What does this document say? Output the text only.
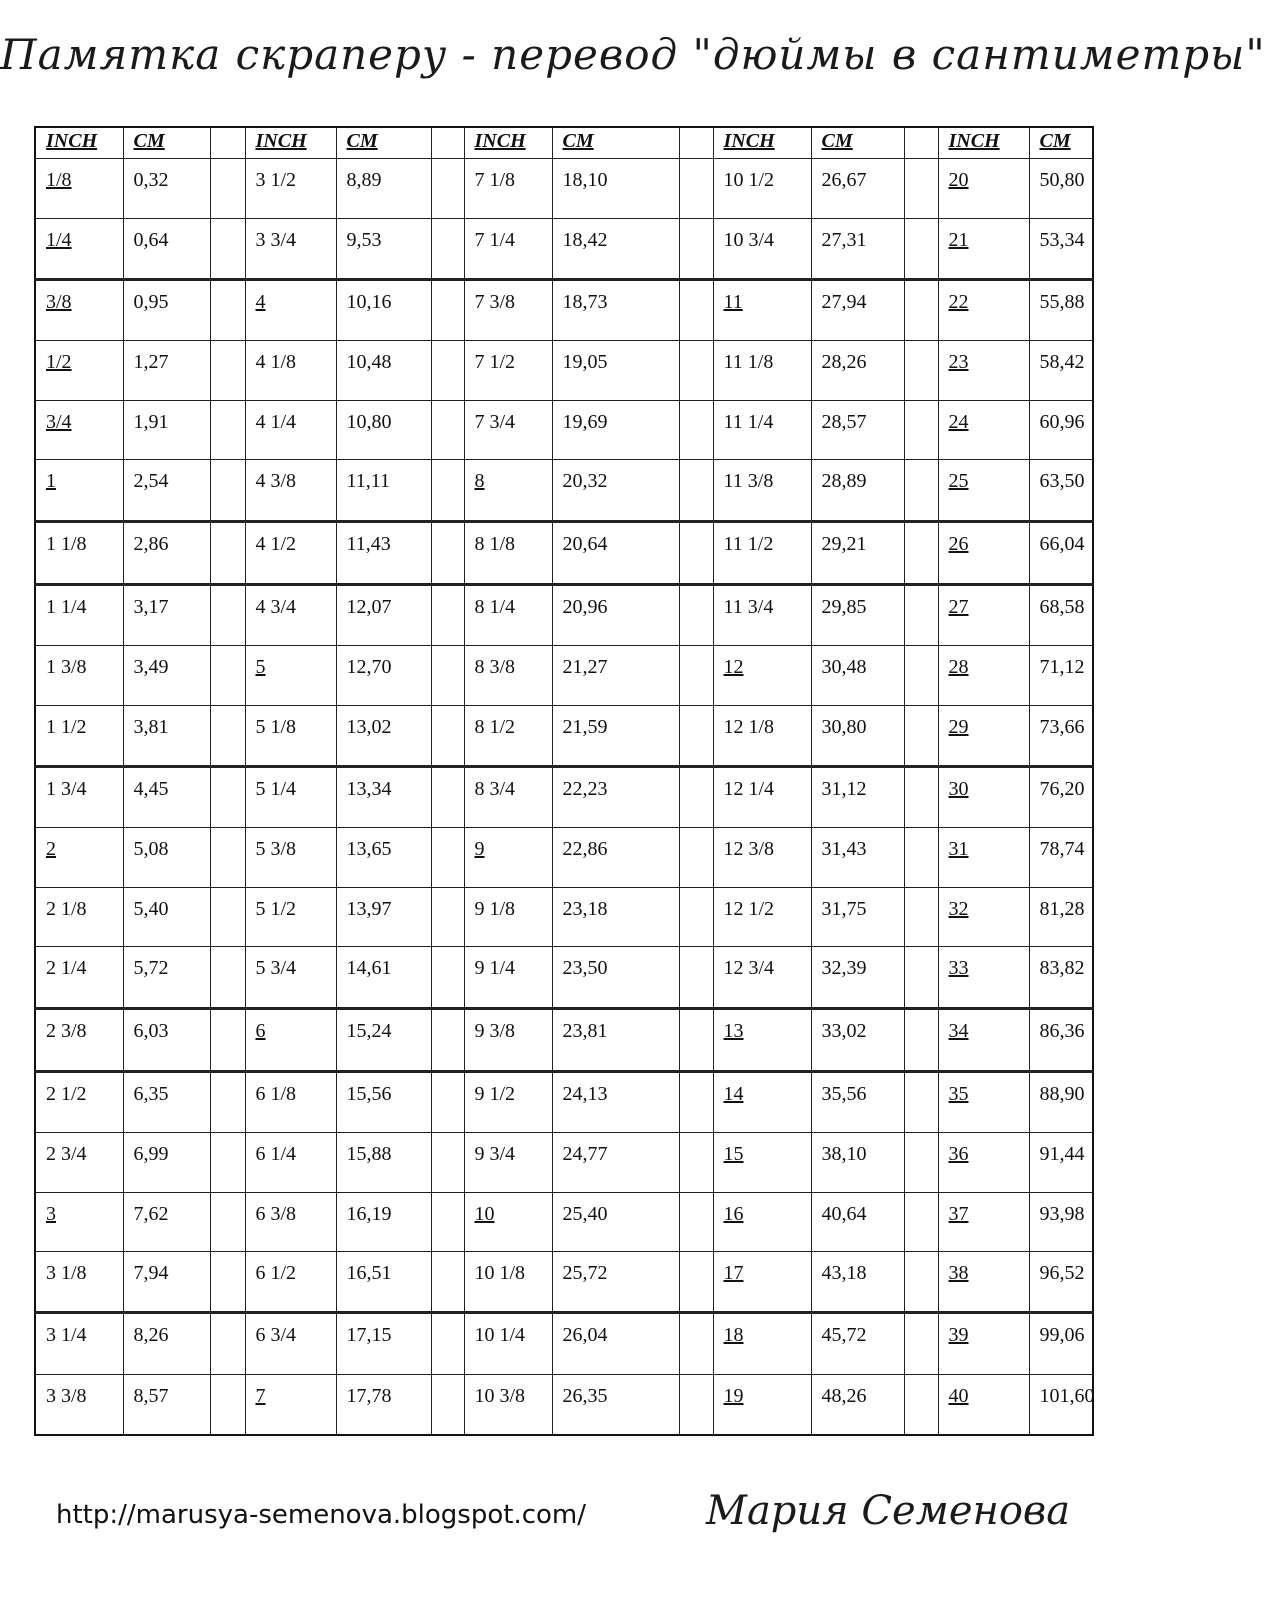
Памятка скраперу - перевод "дюймы в сантиметры"
INCH	CM		INCH	CM		INCH	CM		INCH	CM		INCH	CM
1/8	0,32		3 1/2	8,89		7 1/8	18,10		10 1/2	26,67		20	50,80
1/4	0,64		3 3/4	9,53		7 1/4	18,42		10 3/4	27,31		21	53,34
3/8	0,95		4	10,16		7 3/8	18,73		11	27,94		22	55,88
1/2	1,27		4 1/8	10,48		7 1/2	19,05		11 1/8	28,26		23	58,42
3/4	1,91		4 1/4	10,80		7 3/4	19,69		11 1/4	28,57		24	60,96
1	2,54		4 3/8	11,11		8	20,32		11 3/8	28,89		25	63,50
1 1/8	2,86		4 1/2	11,43		8 1/8	20,64		11 1/2	29,21		26	66,04
1 1/4	3,17		4 3/4	12,07		8 1/4	20,96		11 3/4	29,85		27	68,58
1 3/8	3,49		5	12,70		8 3/8	21,27		12	30,48		28	71,12
1 1/2	3,81		5 1/8	13,02		8 1/2	21,59		12 1/8	30,80		29	73,66
1 3/4	4,45		5 1/4	13,34		8 3/4	22,23		12 1/4	31,12		30	76,20
2	5,08		5 3/8	13,65		9	22,86		12 3/8	31,43		31	78,74
2 1/8	5,40		5 1/2	13,97		9 1/8	23,18		12 1/2	31,75		32	81,28
2 1/4	5,72		5 3/4	14,61		9 1/4	23,50		12 3/4	32,39		33	83,82
2 3/8	6,03		6	15,24		9 3/8	23,81		13	33,02		34	86,36
2 1/2	6,35		6 1/8	15,56		9 1/2	24,13		14	35,56		35	88,90
2 3/4	6,99		6 1/4	15,88		9 3/4	24,77		15	38,10		36	91,44
3	7,62		6 3/8	16,19		10	25,40		16	40,64		37	93,98
3 1/8	7,94		6 1/2	16,51		10 1/8	25,72		17	43,18		38	96,52
3 1/4	8,26		6 3/4	17,15		10 1/4	26,04		18	45,72		39	99,06
3 3/8	8,57		7	17,78		10 3/8	26,35		19	48,26		40	101,60
http://marusya-semenova.blogspot.com/	Мария Семенова
